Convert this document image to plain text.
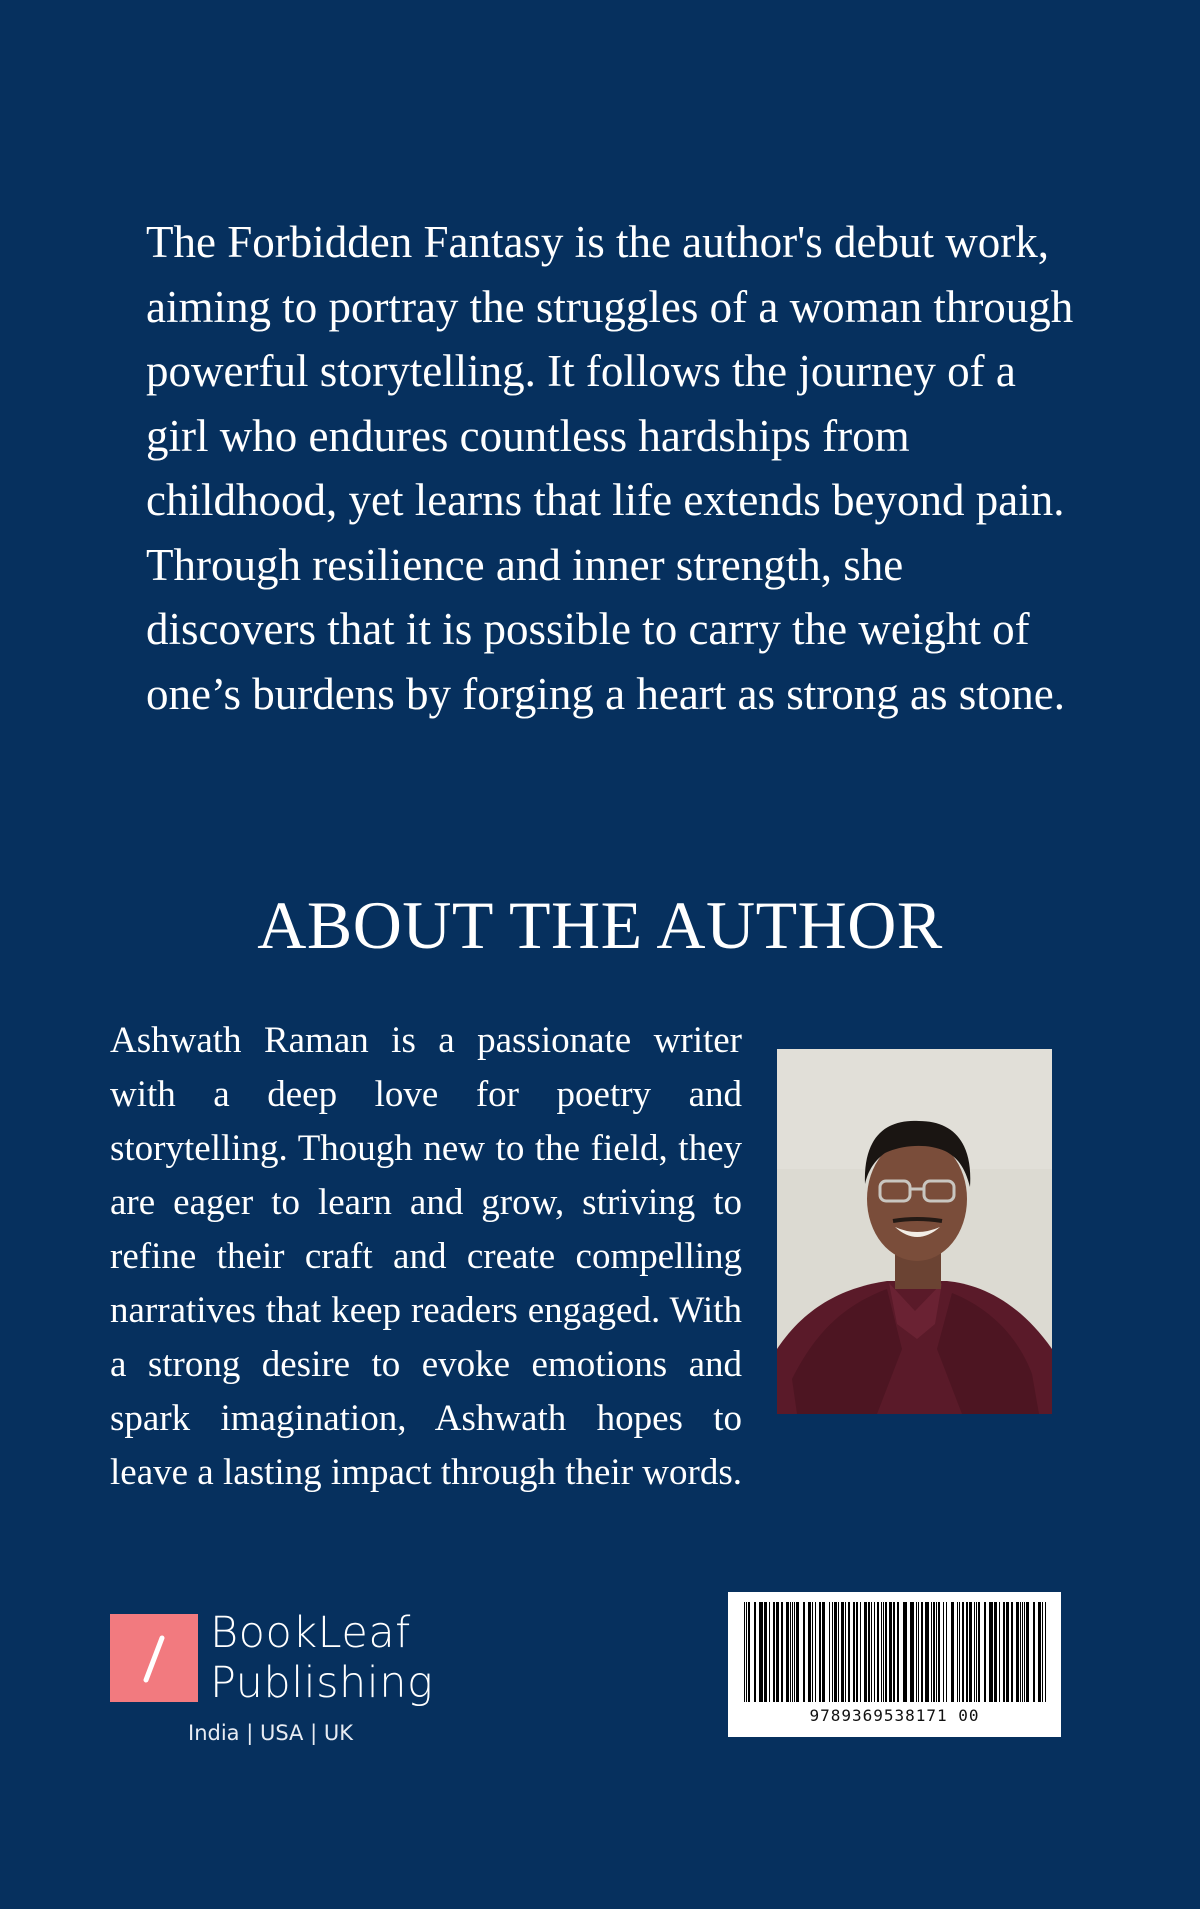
The Forbidden Fantasy is the author's debut work, aiming to portray the struggles of a woman through powerful storytelling. It follows the journey of a girl who endures countless hardships from childhood, yet learns that life extends beyond pain. Through resilience and inner strength, she discovers that it is possible to carry the weight of one’s burdens by forging a heart as strong as stone.

ABOUT THE AUTHOR

Ashwath Raman is a passionate writer with a deep love for poetry and storytelling. Though new to the field, they are eager to learn and grow, striving to refine their craft and create compelling narratives that keep readers engaged. With a strong desire to evoke emotions and spark imagination, Ashwath hopes to leave a lasting impact through their words.

BookLeaf
Publishing
India | USA | UK
9789369538171 00
